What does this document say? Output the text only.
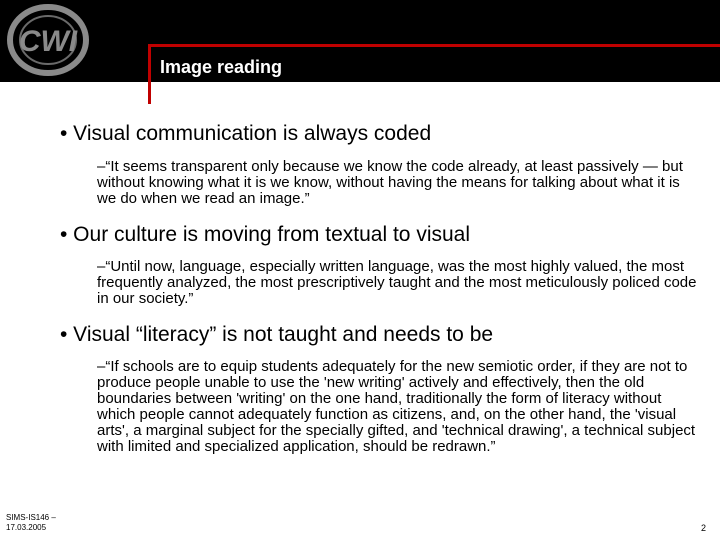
CWI
Image reading

• Visual communication is always coded

–“It seems transparent only because we know the code already, at least passively — but without knowing what it is we know, without having the means for talking about what it is we do when we read an image.”

• Our culture is moving from textual to visual

–“Until now, language, especially written language, was the most highly valued, the most frequently analyzed, the most prescriptively taught and the most meticulously policed code in our society.”

• Visual “literacy” is not taught and needs to be

–“If schools are to equip students adequately for the new semiotic order, if they are not to produce people unable to use the 'new writing' actively and effectively, then the old boundaries between 'writing' on the one hand, traditionally the form of literacy without which people cannot adequately function as citizens, and, on the other hand, the 'visual arts', a marginal subject for the specially gifted, and 'technical drawing', a technical subject with limited and specialized application, should be redrawn.”

SIMS-IS146 –
17.03.2005	2
